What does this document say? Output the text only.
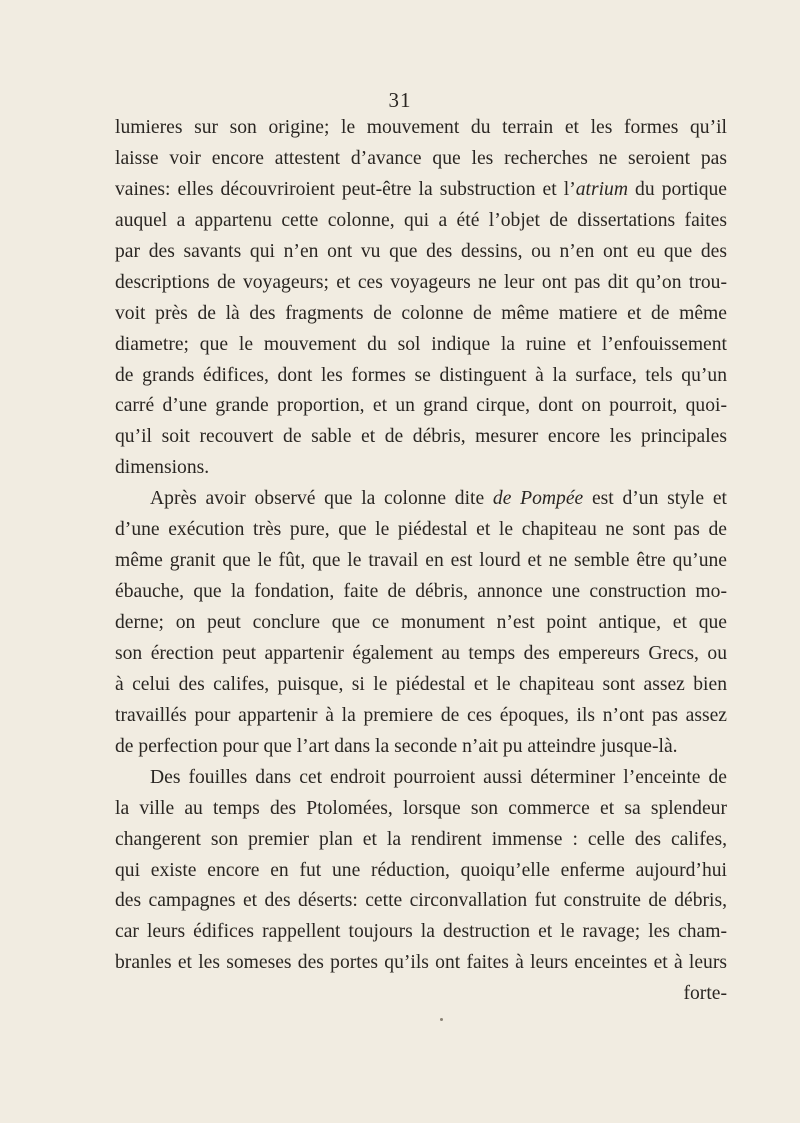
31
lumieres sur son origine; le mouvement du terrain et les formes qu’il
laisse voir encore attestent d’avance que les recherches ne seroient pas
vaines: elles découvriroient peut-être la substruction et l’atrium du portique
auquel a appartenu cette colonne, qui a été l’objet de dissertations faites
par des savants qui n’en ont vu que des dessins, ou n’en ont eu que des
descriptions de voyageurs; et ces voyageurs ne leur ont pas dit qu’on trou-
voit près de là des fragments de colonne de même matiere et de même
diametre; que le mouvement du sol indique la ruine et l’enfouissement
de grands édifices, dont les formes se distinguent à la surface, tels qu’un
carré d’une grande proportion, et un grand cirque, dont on pourroit, quoi-
qu’il soit recouvert de sable et de débris, mesurer encore les principales
dimensions.
Après avoir observé que la colonne dite de Pompée est d’un style et
d’une exécution très pure, que le piédestal et le chapiteau ne sont pas de
même granit que le fût, que le travail en est lourd et ne semble être qu’une
ébauche, que la fondation, faite de débris, annonce une construction mo-
derne; on peut conclure que ce monument n’est point antique, et que
son érection peut appartenir également au temps des empereurs Grecs, ou
à celui des califes, puisque, si le piédestal et le chapiteau sont assez bien
travaillés pour appartenir à la premiere de ces époques, ils n’ont pas assez
de perfection pour que l’art dans la seconde n’ait pu atteindre jusque-là.
Des fouilles dans cet endroit pourroient aussi déterminer l’enceinte de
la ville au temps des Ptolomées, lorsque son commerce et sa splendeur
changerent son premier plan et la rendirent immense : celle des califes,
qui existe encore en fut une réduction, quoiqu’elle enferme aujourd’hui
des campagnes et des déserts: cette circonvallation fut construite de débris,
car leurs édifices rappellent toujours la destruction et le ravage; les cham-
branles et les someses des portes qu’ils ont faites à leurs enceintes et à leurs
forte-
